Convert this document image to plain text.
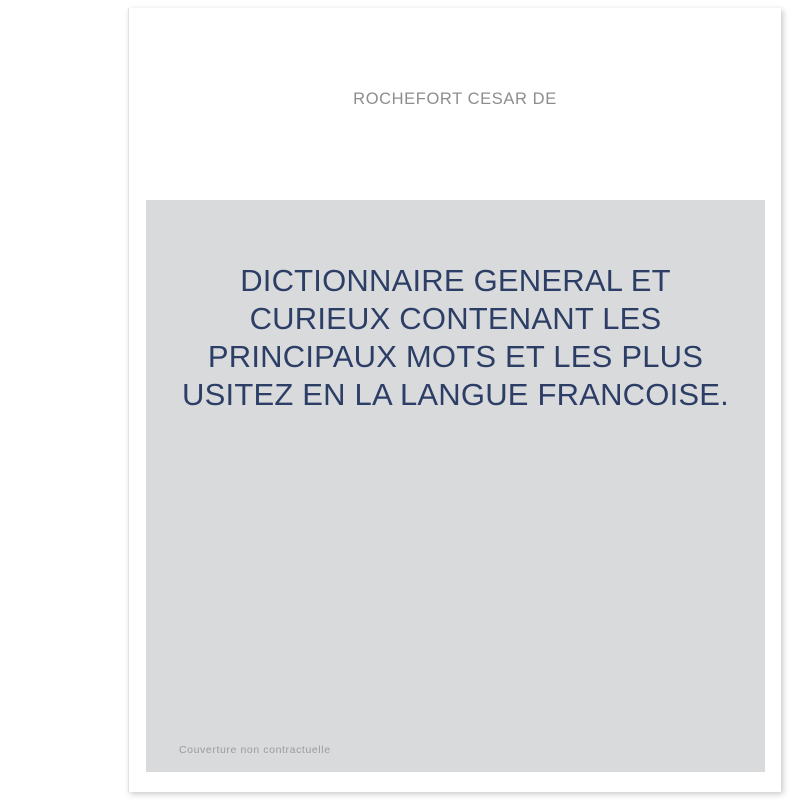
ROCHEFORT CESAR DE
DICTIONNAIRE GENERAL ET CURIEUX CONTENANT LES PRINCIPAUX MOTS ET LES PLUS USITEZ EN LA LANGUE FRANCOISE.
Couverture non contractuelle
